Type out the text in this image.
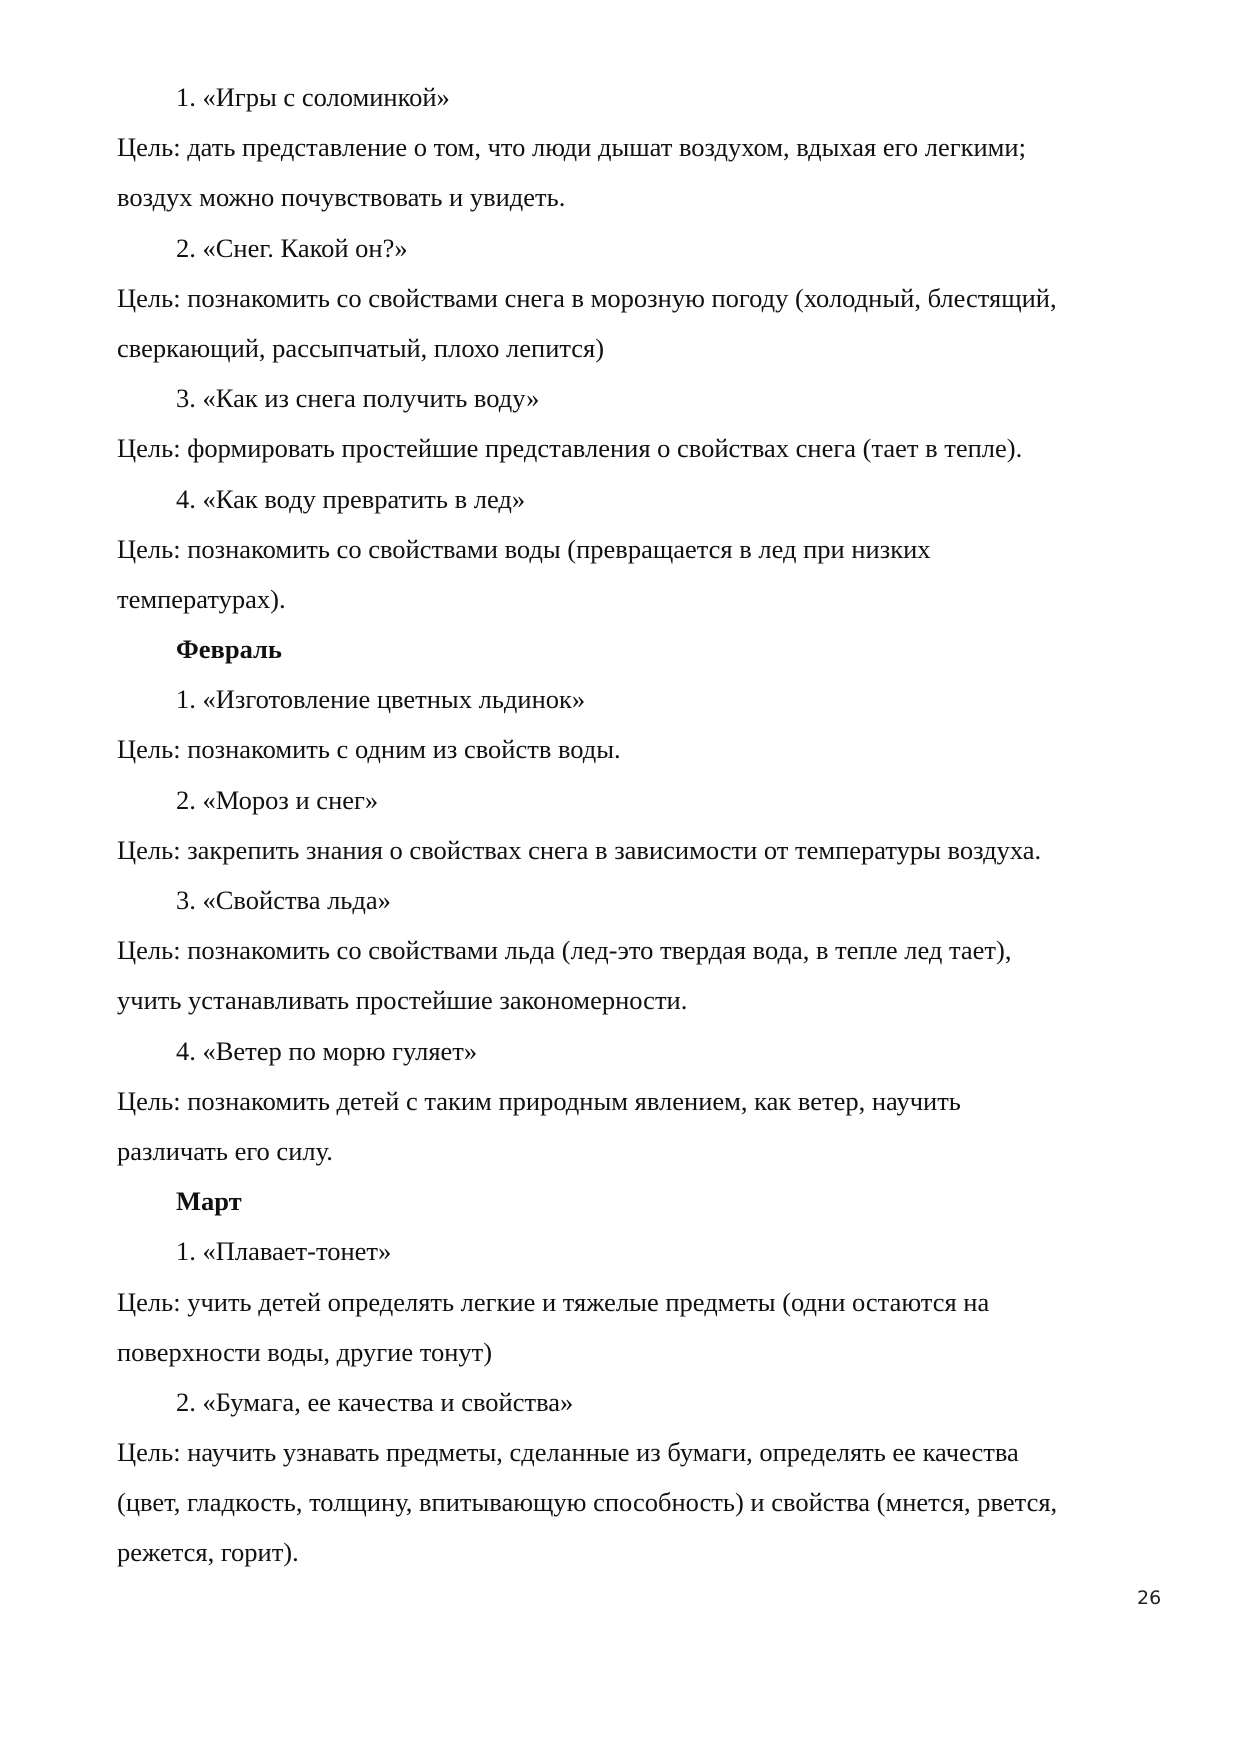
1. «Игры с соломинкой»
Цель: дать представление о том, что люди дышат воздухом, вдыхая его легкими;
воздух можно почувствовать и увидеть.
2. «Снег. Какой он?»
Цель: познакомить со свойствами снега в морозную погоду (холодный, блестящий,
сверкающий, рассыпчатый, плохо лепится)
3. «Как из снега получить воду»
Цель: формировать простейшие представления о свойствах снега (тает в тепле).
4. «Как воду превратить в лед»
Цель: познакомить со свойствами воды (превращается в лед при низких
температурах).
Февраль
1. «Изготовление цветных льдинок»
Цель: познакомить с одним из свойств воды.
2. «Мороз и снег»
Цель: закрепить знания о свойствах снега в зависимости от температуры воздуха.
3. «Свойства льда»
Цель: познакомить со свойствами льда (лед-это твердая вода, в тепле лед тает),
учить устанавливать простейшие закономерности.
4. «Ветер по морю гуляет»
Цель: познакомить детей с таким природным явлением, как ветер, научить
различать его силу.
Март
1. «Плавает-тонет»
Цель: учить детей определять легкие и тяжелые предметы (одни остаются на
поверхности воды, другие тонут)
2. «Бумага, ее качества и свойства»
Цель: научить узнавать предметы, сделанные из бумаги, определять ее качества
(цвет, гладкость, толщину, впитывающую способность) и свойства (мнется, рвется,
режется, горит).
26
